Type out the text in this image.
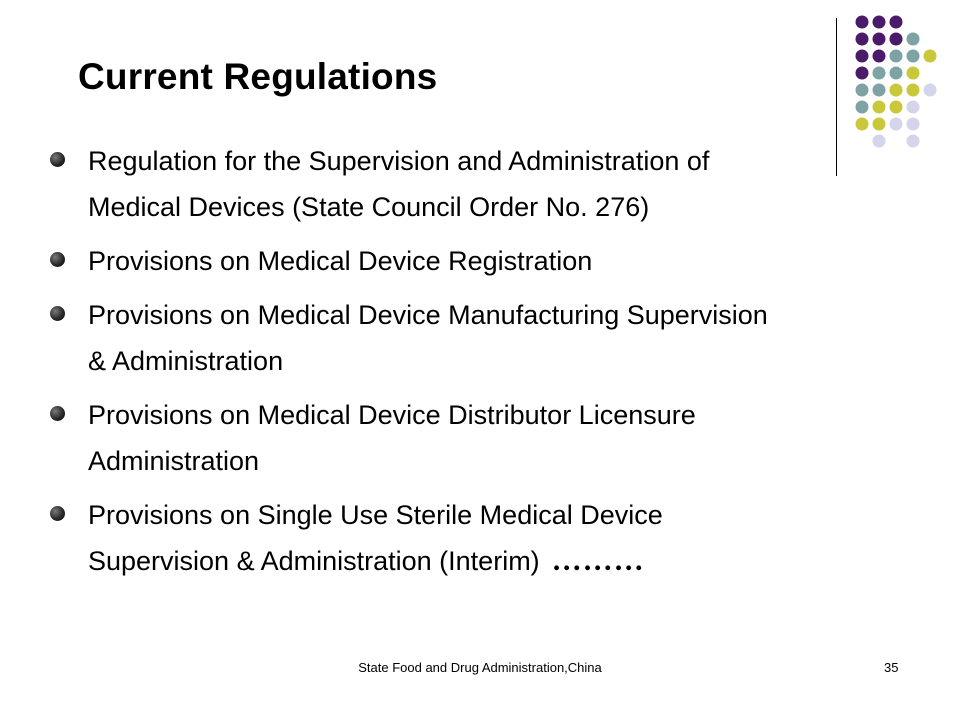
Current Regulations
Regulation for the Supervision and Administration of
Medical Devices (State Council Order No. 276)
Provisions on Medical Device Registration
Provisions on Medical Device Manufacturing Supervision
& Administration
Provisions on Medical Device Distributor Licensure
Administration
Provisions on Single Use Sterile Medical Device
Supervision & Administration (Interim) ………
State Food and Drug Administration,China	35
